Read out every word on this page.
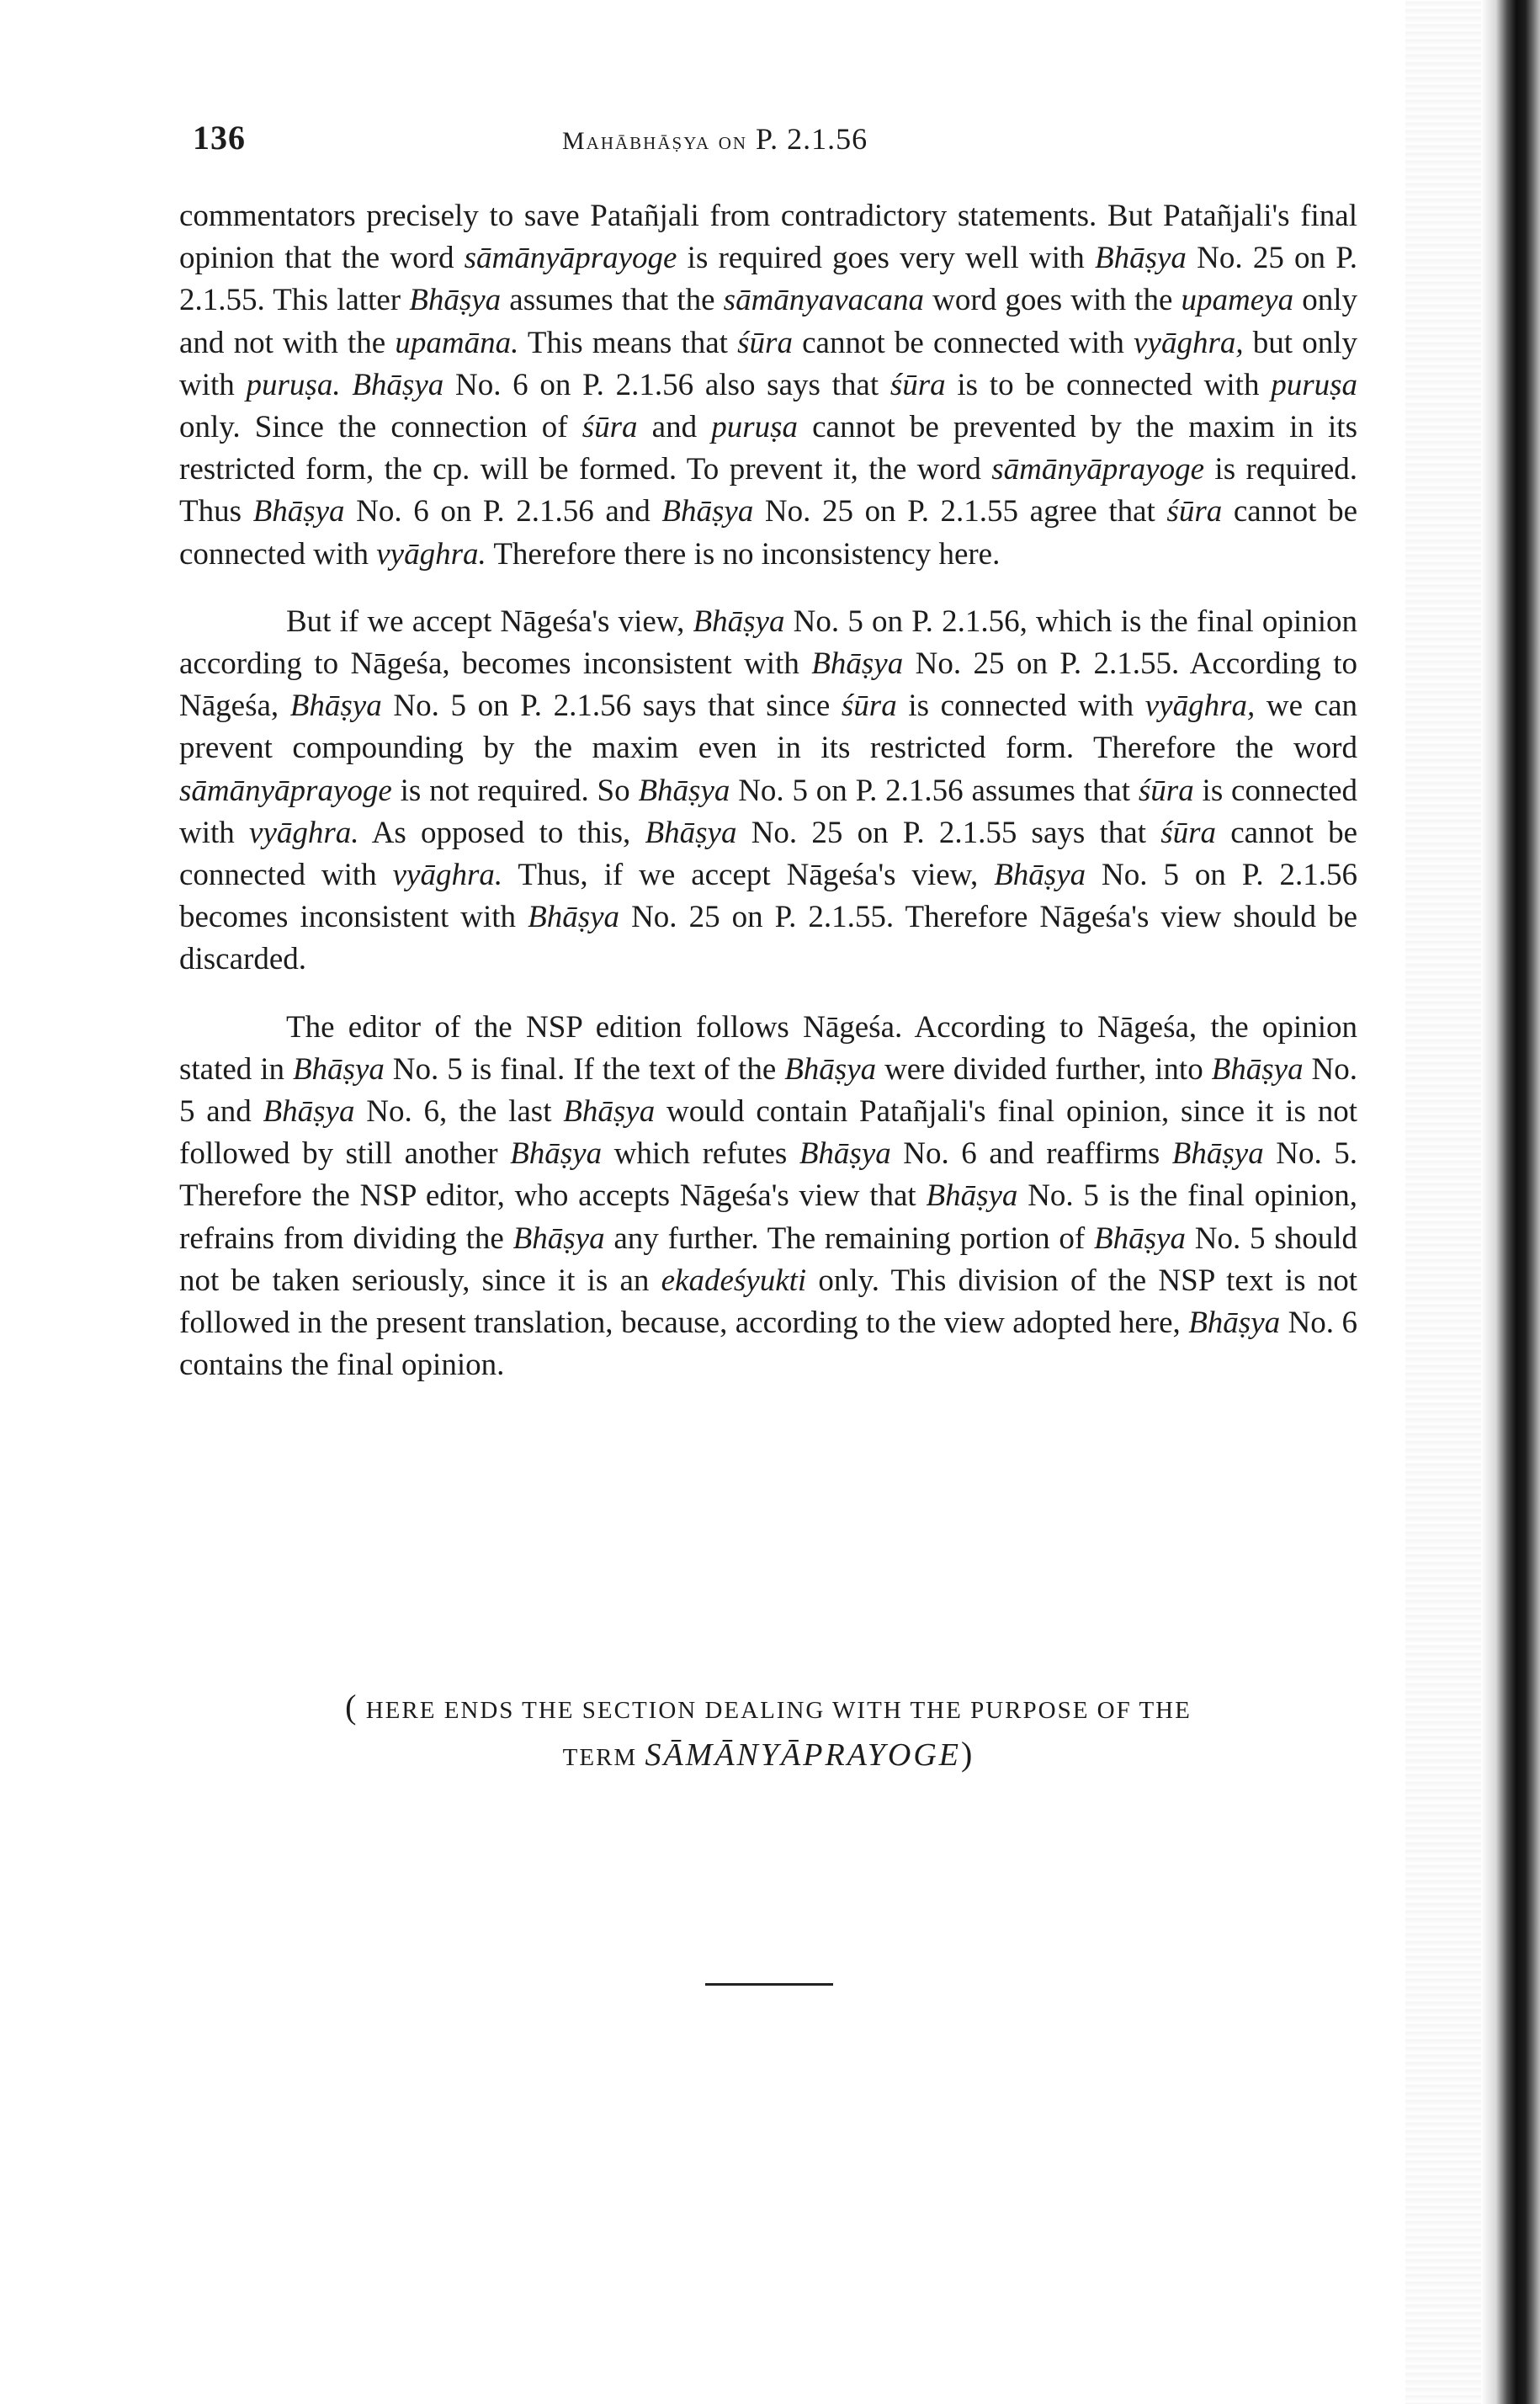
136	Mahābhāṣya on P. 2.1.56

commentators precisely to save Patañjali from contradictory statements. But Patañjali's final opinion that the word sāmānyāprayoge is required goes very well with Bhāṣya No. 25 on P. 2.1.55. This latter Bhāṣya assumes that the sāmānyavacana word goes with the upameya only and not with the upamāna. This means that śūra cannot be connected with vyāghra, but only with puruṣa. Bhāṣya No. 6 on P. 2.1.56 also says that śūra is to be connected with puruṣa only. Since the connection of śūra and puruṣa cannot be prevented by the maxim in its restricted form, the cp. will be formed. To prevent it, the word sāmānyāprayoge is required. Thus Bhāṣya No. 6 on P. 2.1.56 and Bhāṣya No. 25 on P. 2.1.55 agree that śūra cannot be connected with vyāghra. Therefore there is no inconsistency here.

But if we accept Nāgeśa's view, Bhāṣya No. 5 on P. 2.1.56, which is the final opinion according to Nāgeśa, becomes inconsistent with Bhāṣya No. 25 on P. 2.1.55. According to Nāgeśa, Bhāṣya No. 5 on P. 2.1.56 says that since śūra is connected with vyāghra, we can prevent compounding by the maxim even in its restricted form. Therefore the word sāmānyāprayoge is not required. So Bhāṣya No. 5 on P. 2.1.56 assumes that śūra is connected with vyāghra. As opposed to this, Bhāṣya No. 25 on P. 2.1.55 says that śūra cannot be connected with vyāghra. Thus, if we accept Nāgeśa's view, Bhāṣya No. 5 on P. 2.1.56 becomes inconsistent with Bhāṣya No. 25 on P. 2.1.55. Therefore Nāgeśa's view should be discarded.

The editor of the NSP edition follows Nāgeśa. According to Nāgeśa, the opinion stated in Bhāṣya No. 5 is final. If the text of the Bhāṣya were divided further, into Bhāṣya No. 5 and Bhāṣya No. 6, the last Bhāṣya would contain Patañjali's final opinion, since it is not followed by still another Bhāṣya which refutes Bhāṣya No. 6 and reaffirms Bhāṣya No. 5. Therefore the NSP editor, who accepts Nāgeśa's view that Bhāṣya No. 5 is the final opinion, refrains from dividing the Bhāṣya any further. The remaining portion of Bhāṣya No. 5 should not be taken seriously, since it is an ekadeśyukti only. This division of the NSP text is not followed in the present translation, because, according to the view adopted here, Bhāṣya No. 6 contains the final opinion.

( HERE ENDS THE SECTION DEALING WITH THE PURPOSE OF THE
TERM SĀMĀNYĀPRAYOGE)
